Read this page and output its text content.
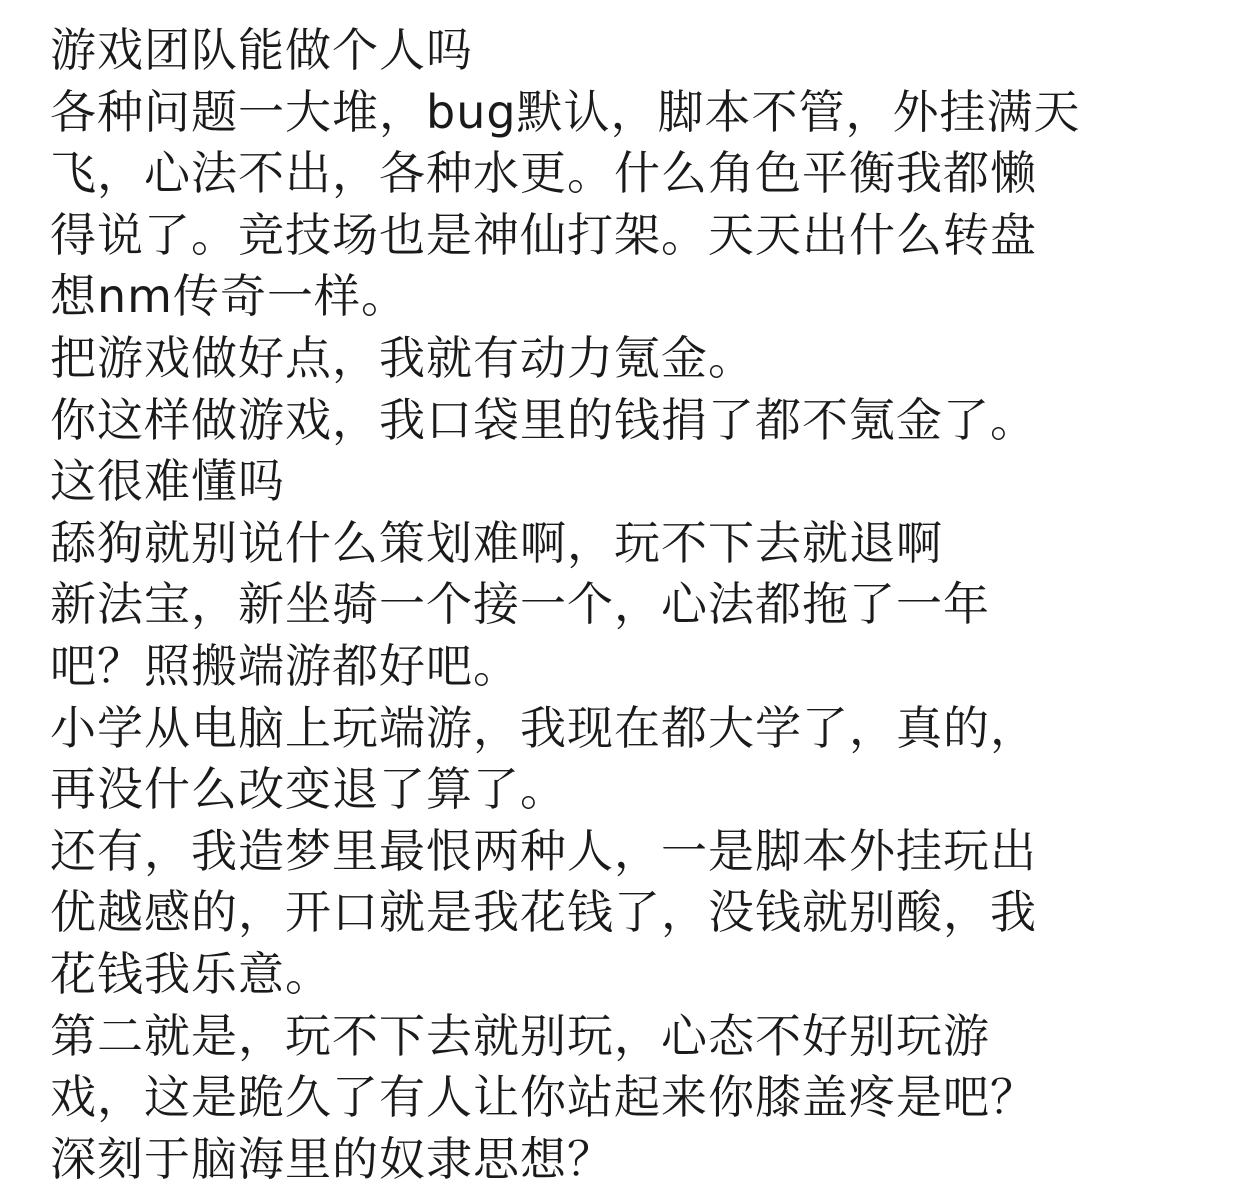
游戏团队能做个人吗
各种问题一大堆，bug默认，脚本不管，外挂满天
飞，心法不出，各种水更。什么角色平衡我都懒
得说了。竞技场也是神仙打架。天天出什么转盘
想nm传奇一样。
把游戏做好点，我就有动力氪金。
你这样做游戏，我口袋里的钱捐了都不氪金了。
这很难懂吗
舔狗就别说什么策划难啊，玩不下去就退啊
新法宝，新坐骑一个接一个，心法都拖了一年
吧？照搬端游都好吧。
小学从电脑上玩端游，我现在都大学了，真的，
再没什么改变退了算了。
还有，我造梦里最恨两种人，一是脚本外挂玩出
优越感的，开口就是我花钱了，没钱就别酸，我
花钱我乐意。
第二就是，玩不下去就别玩，心态不好别玩游
戏，这是跪久了有人让你站起来你膝盖疼是吧？
深刻于脑海里的奴隶思想？
